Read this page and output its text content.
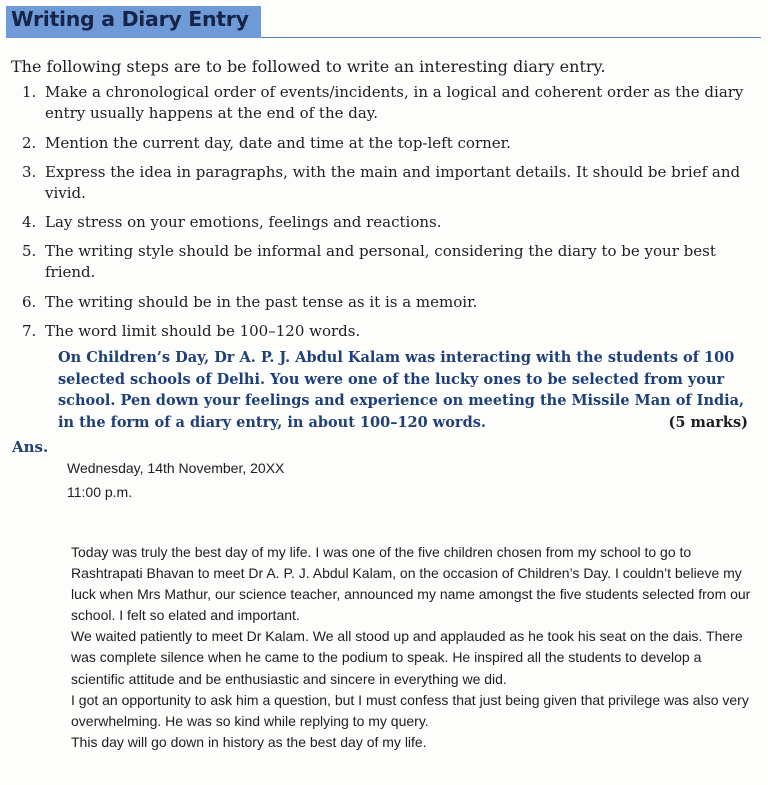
Writing a Diary Entry
The following steps are to be followed to write an interesting diary entry.
1. Make a chronological order of events/incidents, in a logical and coherent order as the diary entry usually happens at the end of the day.
2. Mention the current day, date and time at the top-left corner.
3. Express the idea in paragraphs, with the main and important details. It should be brief and vivid.
4. Lay stress on your emotions, feelings and reactions.
5. The writing style should be informal and personal, considering the diary to be your best friend.
6. The writing should be in the past tense as it is a memoir.
7. The word limit should be 100–120 words.
On Children’s Day, Dr A. P. J. Abdul Kalam was interacting with the students of 100 selected schools of Delhi. You were one of the lucky ones to be selected from your school. Pen down your feelings and experience on meeting the Missile Man of India, in the form of a diary entry, in about 100–120 words.	(5 marks)
Ans.
Wednesday, 14th November, 20XX
11:00 p.m.

Today was truly the best day of my life. I was one of the five children chosen from my school to go to Rashtrapati Bhavan to meet Dr A. P. J. Abdul Kalam, on the occasion of Children’s Day. I couldn’t believe my luck when Mrs Mathur, our science teacher, announced my name amongst the five students selected from our school. I felt so elated and important.

We waited patiently to meet Dr Kalam. We all stood up and applauded as he took his seat on the dais. There was complete silence when he came to the podium to speak. He inspired all the students to develop a scientific attitude and be enthusiastic and sincere in everything we did.

I got an opportunity to ask him a question, but I must confess that just being given that privilege was also very overwhelming. He was so kind while replying to my query.

This day will go down in history as the best day of my life.
